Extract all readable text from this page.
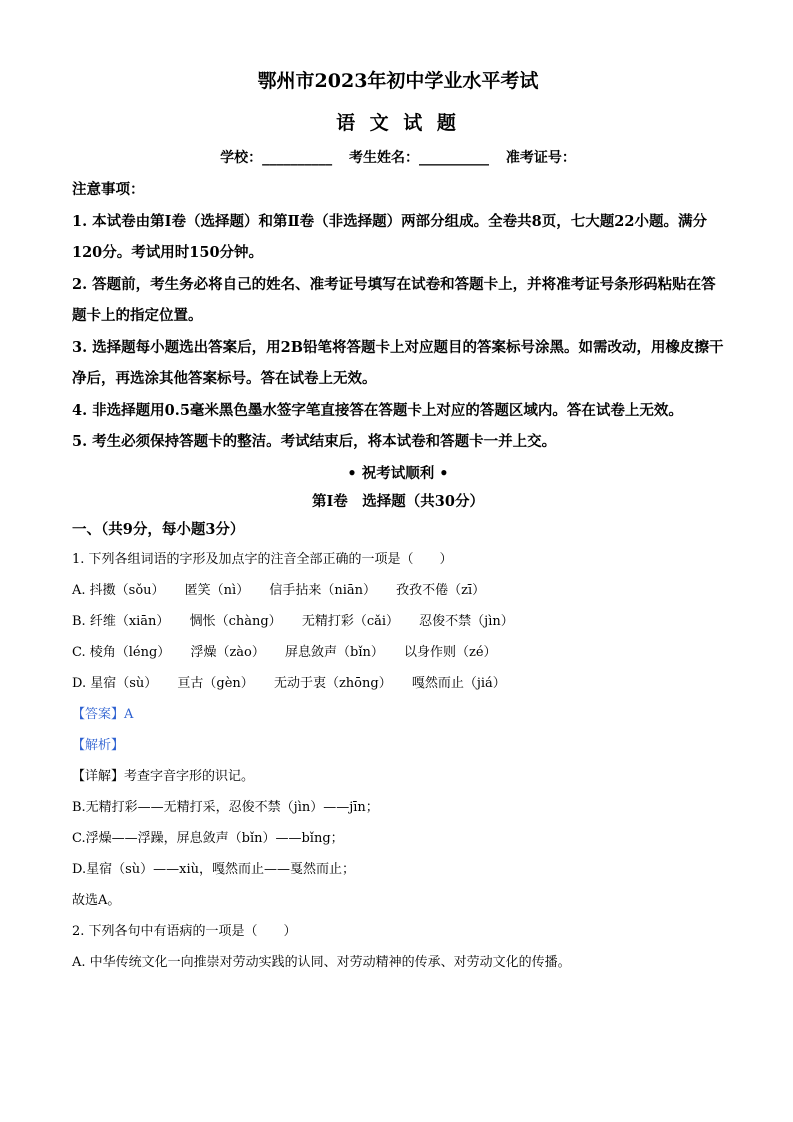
鄂州市2023年初中学业水平考试
语 文 试 题
学校：__________ 考生姓名：__________ 准考证号：

注意事项：

1. 本试卷由第Ⅰ卷（选择题）和第Ⅱ卷（非选择题）两部分组成。全卷共8页，七大题22小题。满分120分。考试用时150分钟。

2. 答题前，考生务必将自己的姓名、准考证号填写在试卷和答题卡上，并将准考证号条形码粘贴在答题卡上的指定位置。

3. 选择题每小题选出答案后，用2B铅笔将答题卡上对应题目的答案标号涂黑。如需改动，用橡皮擦干净后，再选涂其他答案标号。答在试卷上无效。

4. 非选择题用0.5毫米黑色墨水签字笔直接答在答题卡上对应的答题区域内。答在试卷上无效。

5. 考生必须保持答题卡的整洁。考试结束后，将本试卷和答题卡一并上交。

• 祝考试顺利 •
第Ⅰ卷　选择题（共30分）
一、（共9分，每小题3分）

1. 下列各组词语的字形及加点字的注音全部正确的一项是（　　）

A. 抖擞（sǒu） 匿笑（nì） 信手拈来（niān） 孜孜不倦（zī）

B. 纤维（xiān） 惆怅（chàng） 无精打彩（cǎi） 忍俊不禁（jìn）

C. 棱角（léng） 浮燥（zào） 屏息敛声（bǐn） 以身作则（zé）

D. 星宿（sù） 亘古（gèn） 无动于衷（zhōng） 嘎然而止（jiá）

【答案】A

【解析】

【详解】考查字音字形的识记。

B.无精打彩——无精打采，忍俊不禁（jìn）——jīn；

C.浮燥——浮躁，屏息敛声（bǐn）——bǐng；

D.星宿（sù）——xiù，嘎然而止——戛然而止；

故选A。

2. 下列各句中有语病的一项是（　　）

A. 中华传统文化一向推崇对劳动实践的认同、对劳动精神的传承、对劳动文化的传播。
